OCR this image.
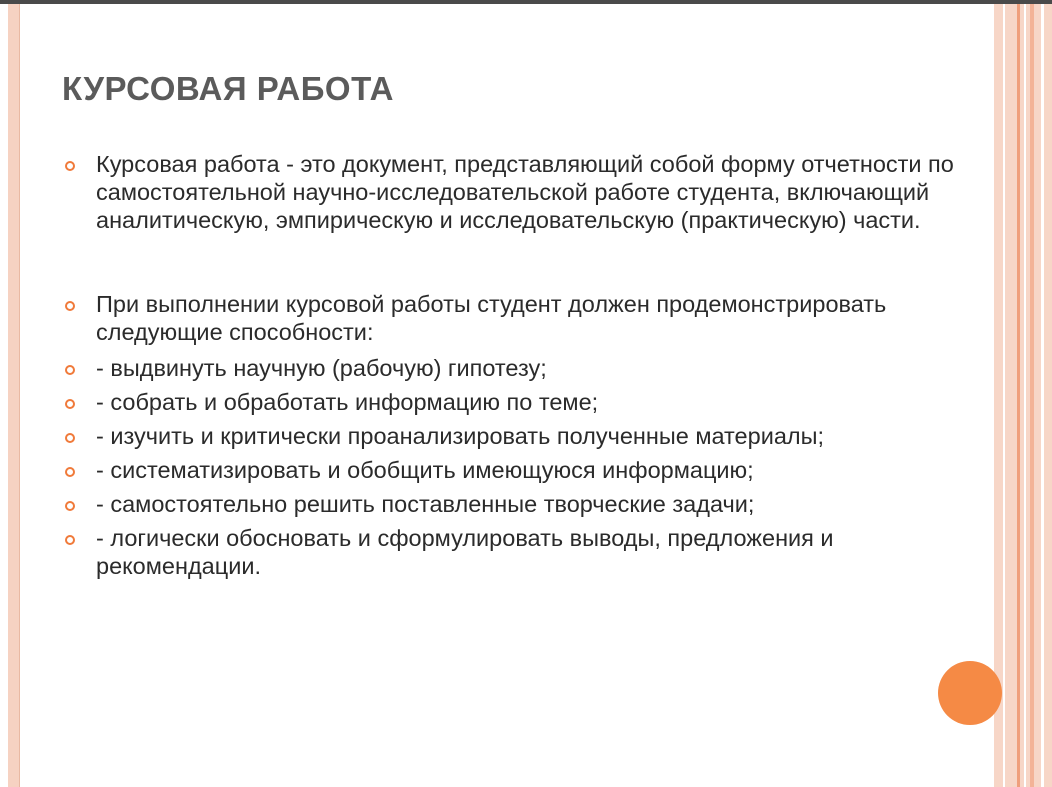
КУРСОВАЯ РАБОТА
Курсовая работа - это документ, представляющий собой форму отчетности по самостоятельной научно-исследовательской работе студента, включающий аналитическую, эмпирическую и исследовательскую (практическую) части.
При выполнении курсовой работы студент должен продемонстрировать следующие способности:
- выдвинуть научную (рабочую) гипотезу;
- собрать и обработать информацию по теме;
- изучить и критически проанализировать полученные материалы;
- систематизировать и обобщить имеющуюся информацию;
- самостоятельно решить поставленные творческие задачи;
- логически обосновать и сформулировать выводы, предложения и рекомендации.
